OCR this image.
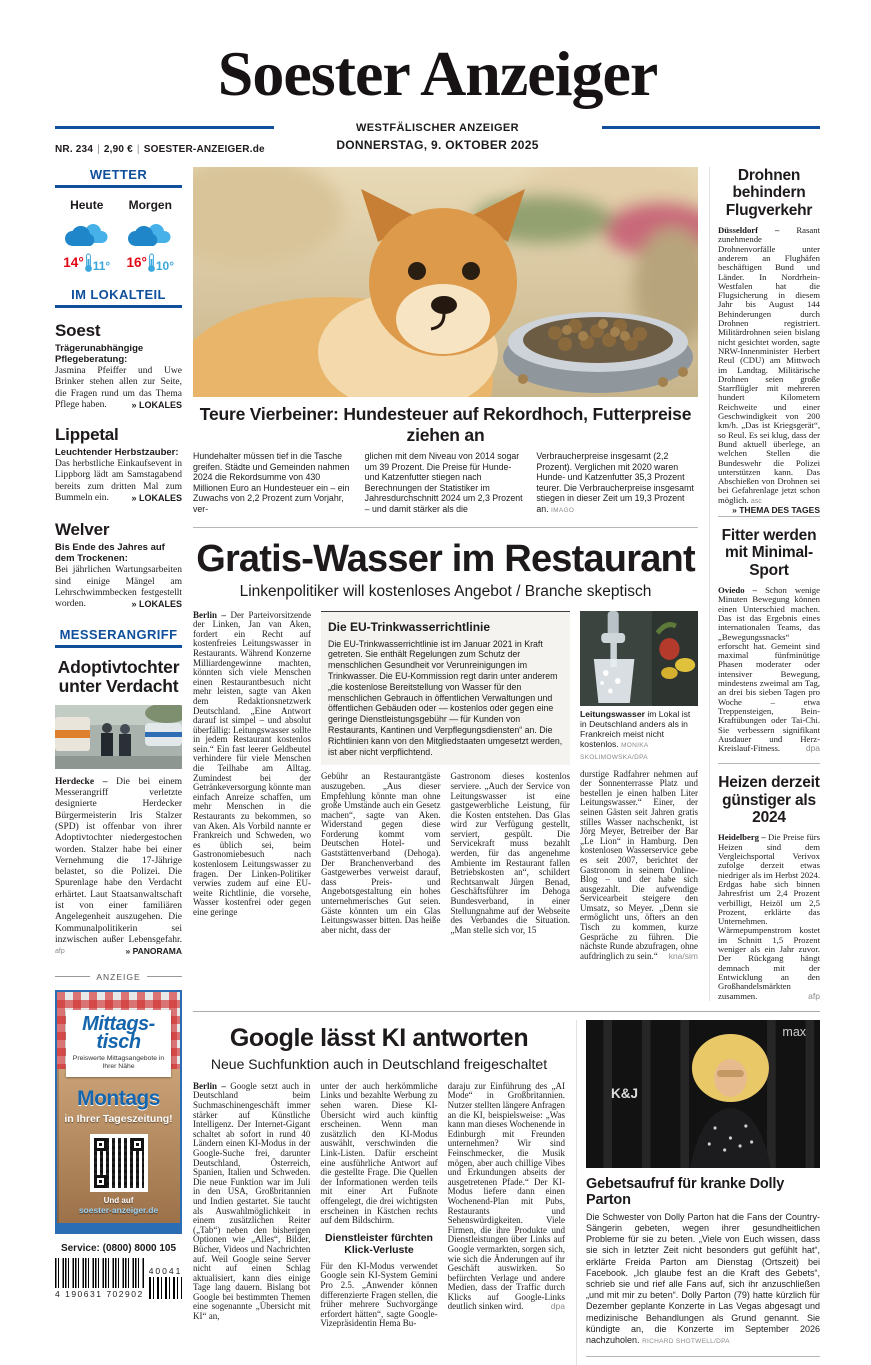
Soester Anzeiger
NR. 234 | 2,90 € | SOESTER-ANZEIGER.de
WESTFÄLISCHER ANZEIGER
DONNERSTAG, 9. OKTOBER 2025
WETTER
Heute
14° 11°
Morgen
16° 10°
IM LOKALTEIL
Soest

Trägerunabhängige Pflegeberatung:

Jasmina Pfeiffer und Uwe Brinker stehen allen zur Seite, die Fragen rund um das Thema Pflege haben.	» LOKALES

Lippetal

Leuchtender Herbstzauber:

Das herbstliche Einkaufsevent in Lippborg lädt am Samstagabend bereits zum dritten Mal zum Bummeln ein.	» LOKALES

Welver

Bis Ende des Jahres auf dem Trockenen:

Bei jährlichen Wartungsarbeiten sind einige Mängel am Lehrschwimmbecken festgestellt worden.	» LOKALES

MESSERANGRIFF
Adoptivtochter unter Verdacht

Herdecke – Die bei einem Messerangriff verletzte designierte Herdecker Bürgermeisterin Iris Stalzer (SPD) ist offenbar von ihrer Adoptivtochter niedergestochen worden. Stalzer habe bei einer Vernehmung die 17-Jährige belastet, so die Polizei. Die Spurenlage habe den Verdacht erhärtet. Laut Staatsanwaltschaft ist von einer familiären Angelegenheit auszugehen. Die Kommunalpolitikerin sei inzwischen außer Lebensgefahr. afp	» PANORAMA

ANZEIGE
Mittags-
tisch
Preiswerte Mittagsangebote in Ihrer Nähe
Montags
in Ihrer Tageszeitung!
Und auf
soester-anzeiger.de
Service: (0800) 8000 105
4 190631 702902
40041
Teure Vierbeiner: Hundesteuer auf Rekordhoch, Futterpreise ziehen an

Hundehalter müssen tief in die Tasche greifen. Städte und Gemeinden nahmen 2024 die Rekordsumme von 430 Millionen Euro an Hundesteuer ein – ein Zuwachs von 2,2 Prozent zum Vorjahr, ver-

glichen mit dem Niveau von 2014 sogar um 39 Prozent. Die Preise für Hunde- und Katzenfutter stiegen nach Berechnungen der Statistiker im Jahresdurchschnitt 2024 um 2,3 Prozent – und damit stärker als die

Verbraucherpreise insgesamt (2,2 Prozent). Verglichen mit 2020 waren Hunde- und Katzenfutter 35,3 Prozent teurer. Die Verbraucherpreise insgesamt stiegen in dieser Zeit um 19,3 Prozent an. IMAGO

Gratis-Wasser im Restaurant

Linkenpolitiker will kostenloses Angebot / Branche skeptisch

Berlin – Der Parteivorsitzende der Linken, Jan van Aken, fordert ein Recht auf kostenfreies Leitungswasser in Restaurants. Während Konzerne Milliardengewinne machten, könnten sich viele Menschen einen Restaurantbesuch nicht mehr leisten, sagte van Aken dem Redaktionsnetzwerk Deutschland. „Eine Antwort darauf ist simpel – und absolut überfällig: Leitungswasser sollte in jedem Restaurant kostenlos sein.“ Ein fast leerer Geldbeutel verhindere für viele Menschen die Teilhabe am Alltag. Zumindest bei der Getränkeversorgung könnte man einfach Anreize schaffen, um mehr Menschen in die Restaurants zu bekommen, so van Aken. Als Vorbild nannte er Frankreich und Schweden, wo es üblich sei, beim Gastronomiebesuch nach kostenlosem Leitungswasser zu fragen. Der Linken-Politiker verwies zudem auf eine EU-weite Richtlinie, die vorsehe, Wasser kostenfrei oder gegen eine geringe

Die EU-Trinkwasserrichtlinie

Die EU-Trinkwasserrichtlinie ist im Januar 2021 in Kraft getreten. Sie enthält Regelungen zum Schutz der menschlichen Gesundheit vor Verunreinigungen im Trinkwasser. Die EU-Kommission regt darin unter anderem „die kostenlose Bereitstellung von Wasser für den menschlichen Gebrauch in öffentlichen Verwaltungen und öffentlichen Gebäuden oder — kostenlos oder gegen eine geringe Dienstleistungsgebühr — für Kunden von Restaurants, Kantinen und Verpflegungsdiensten“ an. Die Richtlinien kann von den Mitgliedstaaten umgesetzt werden, ist aber nicht verpflichtend.

Gebühr an Restaurantgäste auszugeben. „Aus dieser Empfehlung könnte man ohne große Umstände auch ein Gesetz machen“, sagte van Aken. Widerstand gegen diese Forderung kommt vom Deutschen Hotel- und Gaststättenverband (Dehoga). Der Branchenverband des Gastgewerbes verweist darauf, dass Preis- und Angebotsgestaltung ein hohes unternehmerisches Gut seien. Gäste könnten um ein Glas Leitungswasser bitten. Das heiße aber nicht, dass der

Gastronom dieses kostenlos serviere. „Auch der Service von Leitungswasser ist eine gastgewerbliche Leistung, für die Kosten entstehen. Das Glas wird zur Verfügung gestellt, serviert, gespült. Die Servicekraft muss bezahlt werden, für das angenehme Ambiente im Restaurant fallen Betriebskosten an“, schildert Rechtsanwalt Jürgen Benad, Geschäftsführer im Dehoga Bundesverband, in einer Stellungnahme auf der Webseite des Verbandes die Situation. „Man stelle sich vor, 15

Leitungswasser im Lokal ist in Deutschland anders als in Frankreich meist nicht kostenlos. MONIKA SKOLIMOWSKA/DPA

durstige Radfahrer nehmen auf der Sonnenterrasse Platz und bestellen je einen halben Liter Leitungswasser.“ Einer, der seinen Gästen seit Jahren gratis stilles Wasser nachschenkt, ist Jörg Meyer, Betreiber der Bar „Le Lion“ in Hamburg. Den kostenlosen Wasserservice gebe es seit 2007, berichtet der Gastronom in seinem Online-Blog – und der habe sich ausgezahlt. Die aufwendige Servicearbeit steigere den Umsatz, so Meyer. „Denn sie ermöglicht uns, öfters an den Tisch zu kommen, kurze Gespräche zu führen. Die nächste Runde abzufragen, ohne aufdringlich zu sein.“ kna/sim

Drohnen behindern Flugverkehr

Düsseldorf – Rasant zunehmende Drohnenvorfälle unter anderem an Flughäfen beschäftigen Bund und Länder. In Nordrhein-Westfalen hat die Flugsicherung in diesem Jahr bis August 144 Behinderungen durch Drohnen registriert. Militärdrohnen seien bislang nicht gesichtet worden, sagte NRW-Innenminister Herbert Reul (CDU) am Mittwoch im Landtag. Militärische Drohnen seien große Starrflügler mit mehreren hundert Kilometern Reichweite und einer Geschwindigkeit von 200 km/h. „Das ist Kriegsgerät“, so Reul. Es sei klug, dass der Bund aktuell überlege, an welchen Stellen die Bundeswehr die Polizei unterstützen kann. Das Abschießen von Drohnen sei bei Gefahrenlage jetzt schon möglich. asc
» THEMA DES TAGES

Fitter werden mit Minimal-Sport

Oviedo – Schon wenige Minuten Bewegung können einen Unterschied machen. Das ist das Ergebnis eines internationalen Teams, das „Bewegungssnacks“ erforscht hat. Gemeint sind maximal fünfminütige Phasen moderater oder intensiver Bewegung, mindestens zweimal am Tag, an drei bis sieben Tagen pro Woche – etwa Treppensteigen, Bein-Kraftübungen oder Tai-Chi. Sie verbessern signifikant Ausdauer und Herz-Kreislauf-Fitness.	dpa

Heizen derzeit günstiger als 2024

Heidelberg – Die Preise fürs Heizen sind dem Vergleichsportal Verivox zufolge derzeit etwas niedriger als im Herbst 2024. Erdgas habe sich binnen Jahresfrist um 2,4 Prozent verbilligt, Heizöl um 2,5 Prozent, erklärte das Unternehmen. Wärmepumpenstrom kostet im Schnitt 1,5 Prozent weniger als ein Jahr zuvor. Der Rückgang hängt demnach mit der Entwicklung an den Großhandelsmärkten zusammen.	afp

Google lässt KI antworten

Neue Suchfunktion auch in Deutschland freigeschaltet

Berlin – Google setzt auch in Deutschland beim Suchmaschinengeschäft immer stärker auf Künstliche Intelligenz. Der Internet-Gigant schaltet ab sofort in rund 40 Ländern einen KI-Modus in der Google-Suche frei, darunter Deutschland, Österreich, Spanien, Italien und Schweden. Die neue Funktion war im Juli in den USA, Großbritannien und Indien gestartet. Sie taucht als Auswahlmöglichkeit in einem zusätzlichen Reiter („Tab“) neben den bisherigen Optionen wie „Alles“, Bilder, Bücher, Videos und Nachrichten auf. Weil Google seine Server nicht auf einen Schlag aktualisiert, kann dies einige Tage lang dauern. Bislang bot Google bei bestimmten Themen eine sogenannte „Übersicht mit KI“ an,

unter der auch herkömmliche Links und bezahlte Werbung zu sehen waren. Diese KI-Übersicht wird auch künftig erscheinen. Wenn man zusätzlich den KI-Modus auswählt, verschwinden die Link-Listen. Dafür erscheint eine ausführliche Antwort auf die gestellte Frage. Die Quellen der Informationen werden teils mit einer Art Fußnote offengelegt, die drei wichtigsten erscheinen in Kästchen rechts auf dem Bildschirm.

Dienstleister fürchten Klick-Verluste

Für den KI-Modus verwendet Google sein KI-System Gemini Pro 2.5. „Anwender können differenzierte Fragen stellen, die früher mehrere Suchvorgänge erfordert hätten“, sagte Google-Vizepräsidentin Hema Bu-

daraju zur Einführung des „AI Mode“ in Großbritannien. Nutzer stellten längere Anfragen an die KI, beispielsweise: „Was kann man dieses Wochenende in Edinburgh mit Freunden unternehmen? Wir sind Feinschmecker, die Musik mögen, aber auch chillige Vibes und Erkundungen abseits der ausgetretenen Pfade.“ Der KI-Modus liefere dann einen Wochenend-Plan mit Pubs, Restaurants und Sehenswürdigkeiten. Viele Firmen, die ihre Produkte und Dienstleistungen über Links auf Google vermarkten, sorgen sich, wie sich die Änderungen auf ihr Geschäft auswirken. So befürchten Verlage und andere Medien, dass der Traffic durch Klicks auf Google-Links deutlich sinken wird.	dpa

max
K&J
Gebetsaufruf für kranke Dolly Parton

Die Schwester von Dolly Parton hat die Fans der Country-Sängerin gebeten, wegen ihrer gesundheitlichen Probleme für sie zu beten. „Viele von Euch wissen, dass sie sich in letzter Zeit nicht besonders gut gefühlt hat“, erklärte Freida Parton am Dienstag (Ortszeit) bei Facebook. „Ich glaube fest an die Kraft des Gebets“, schrieb sie und rief alle Fans auf, sich ihr anzuschließen „und mit mir zu beten“. Dolly Parton (79) hatte kürzlich für Dezember geplante Konzerte in Las Vegas abgesagt und medizinische Behandlungen als Grund genannt. Sie kündigte an, die Konzerte im September 2026 nachzuholen. RICHARD SHOTWELL/DPA
